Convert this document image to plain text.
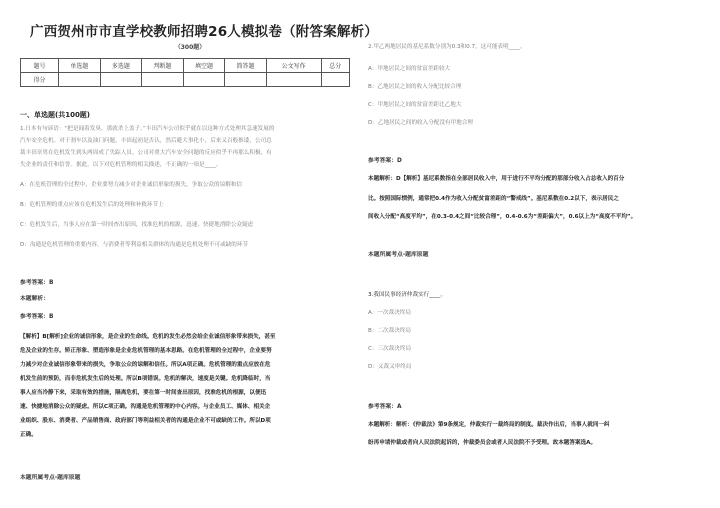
广西贺州市市直学校教师招聘26人模拟卷（附答案解析）
（300题）
题号	单选题	多选题	判断题	填空题	简答题	公文写作	总分
得分							
一、单选题(共100题)
1.日本有句谚语：“把是闻着发臭，那就杀上盖子。”丰田汽车公司似乎就在以这种方式处理其急速发展的
汽车安全危机。对于刹车以及油门问题，丰田起初是否认，然后避大事化小，后来又百般推诿，公司总
裁丰田章男在危机发生到头两周成了失踪人员。公司对重大汽车安全问题的反应似乎不再那么积极，有
失企业的责任和信誉。据此，以下对危机管理的相关描述，不正确的一项是____。
A：在危机管理的全过程中，企业要努力减少对企业诚信形象的损失，争取公众的谅解和信
B：危机管理的重点应该在危机发生后的处理和补救环节上
C：危机发生后，当事人应在第一时间查出原因，找准危机的根源，迅速、快捷地消除公众疑虑
D：沟通是危机管理的重要内容，与消费者等利益相关群体的沟通是危机处理不可或缺的环节
参考答案：B
本题解析：
参考答案：B
【解析】B[解析]企业的诚信形象，是企业的生命线。危机的发生必然会给企业诚信形象带来损失，甚至
危及企业的生存。矫正形象、塑造形象是企业危机管理的基本思路。在危机管理的全过程中，企业要努
力减少对企业诚信形象带来的损失，争取公众的谅解和信任。所以A项正确。危机管理的重点应放在危
机发生前的预防，而非危机发生后的处理。所以B项错误。危机的解决，速度是关键。危机降临时，当
事人应当冷静下来，采取有效的措施，隔离危机，要在第一时间查出原因，找准危机的根源，以便迅
速、快捷地消除公众的疑虑。所以C项正确。沟通是危机管理的中心内容。与企业员工、媒体、相关企
业组织、股东、消费者、产品销售商、政府部门等利益相关者的沟通是企业不可或缺的工作。所以D项
正确。
本题所属考点-题库原题
2.甲乙两地居民的基尼系数分别为0.3和0.7，这可能表明____。
A：甲地居民之间的贫富差距较大
B：乙地居民之间的收入分配比较合理
C：甲地居民之间的贫富差距比乙地大
D：乙地居民之间的收入分配没有甲地合理
参考答案：D
本题解析：D【解析】基尼系数指在全部居民收入中，用于进行不平均分配的那部分收入占总收入的百分
比。按照国际惯例，通常把0.4作为收入分配贫富差距的“警戒线”。基尼系数在0.2以下，表示居民之
间收入分配“高度平均”，在0.3-0.4之间“比较合理”，0.4-0.6为“差距偏大”，0.6以上为“高度不平均”。
本题所属考点-题库原题
3.我国民事经济仲裁实行____。
A：一次裁决终局
B：二次裁决终局
C：三次裁决终局
D：又裁又审终局
参考答案：A
本题解析：解析：《仲裁法》第9条规定，仲裁实行一裁终局的制度。裁决作出后，当事人就同一纠
纷再申请仲裁或者向人民法院起诉的，仲裁委员会或者人民法院不予受理。故本题答案选A。
